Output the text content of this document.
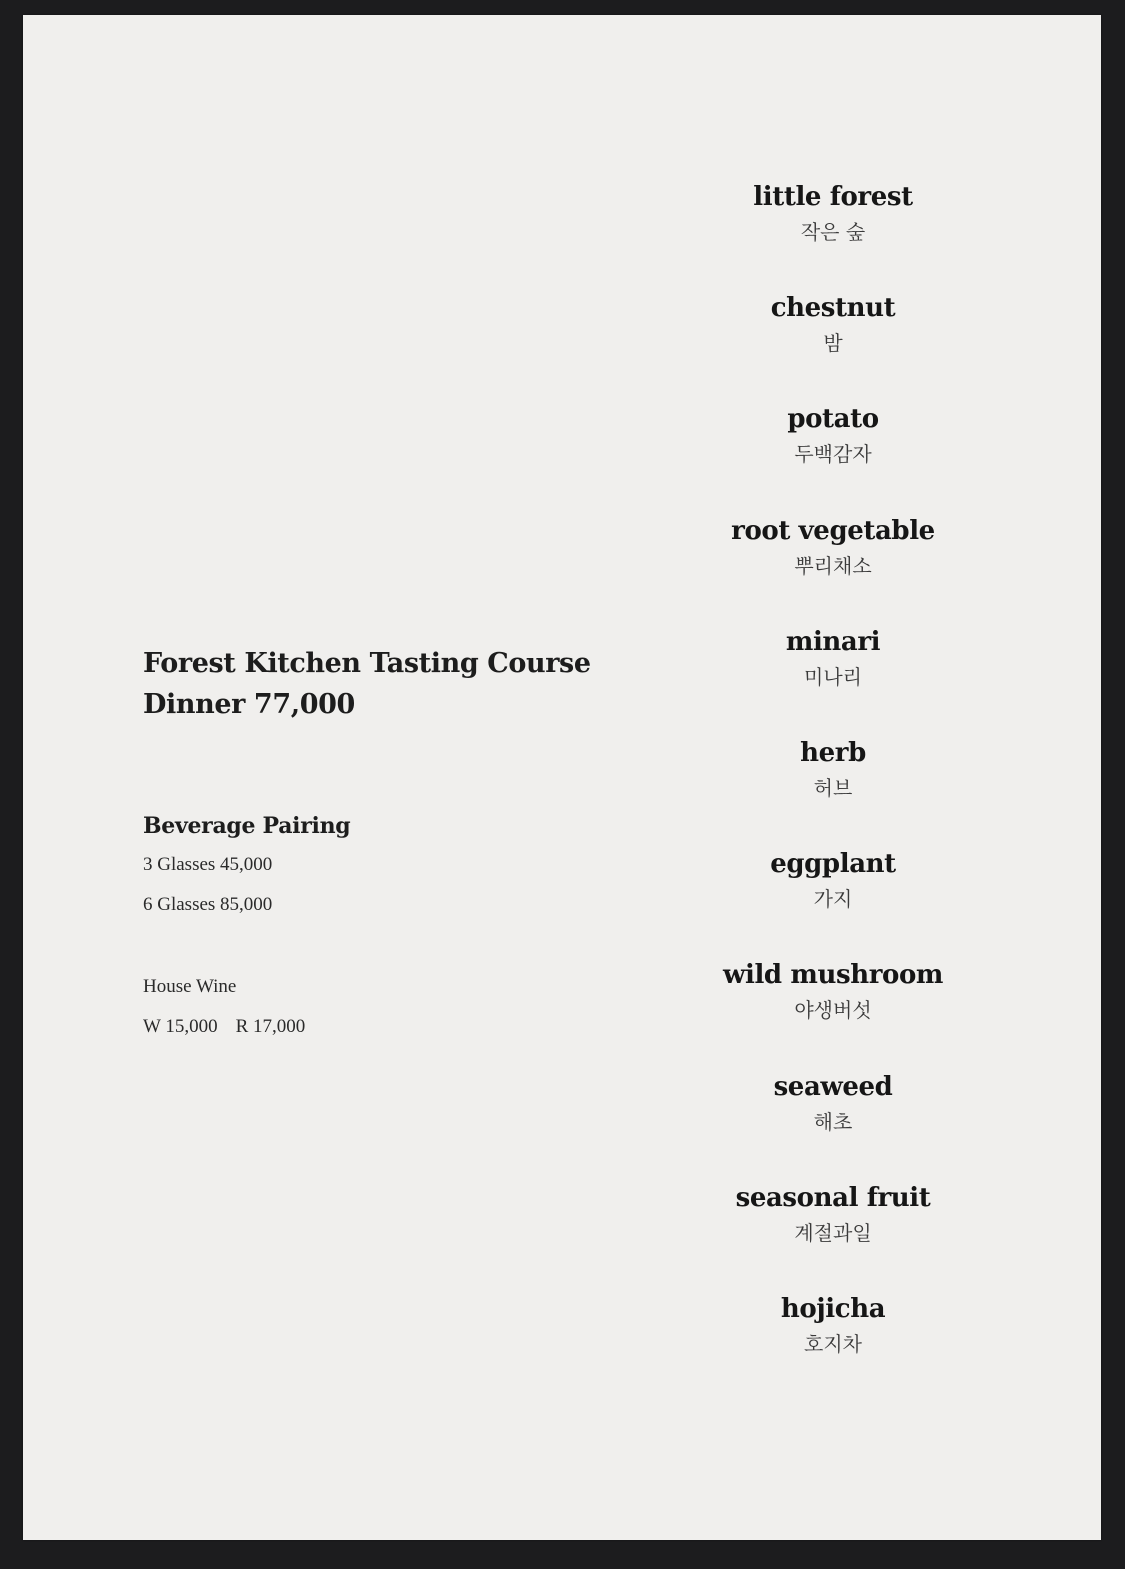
Forest Kitchen Tasting Course
Dinner 77,000
Beverage Pairing
3 Glasses 45,000
6 Glasses 85,000
House Wine
W 15,000 R 17,000
little forest
작은 숲
chestnut
밤
potato
두백감자
root vegetable
뿌리채소
minari
미나리
herb
허브
eggplant
가지
wild mushroom
야생버섯
seaweed
해초
seasonal fruit
계절과일
hojicha
호지차
